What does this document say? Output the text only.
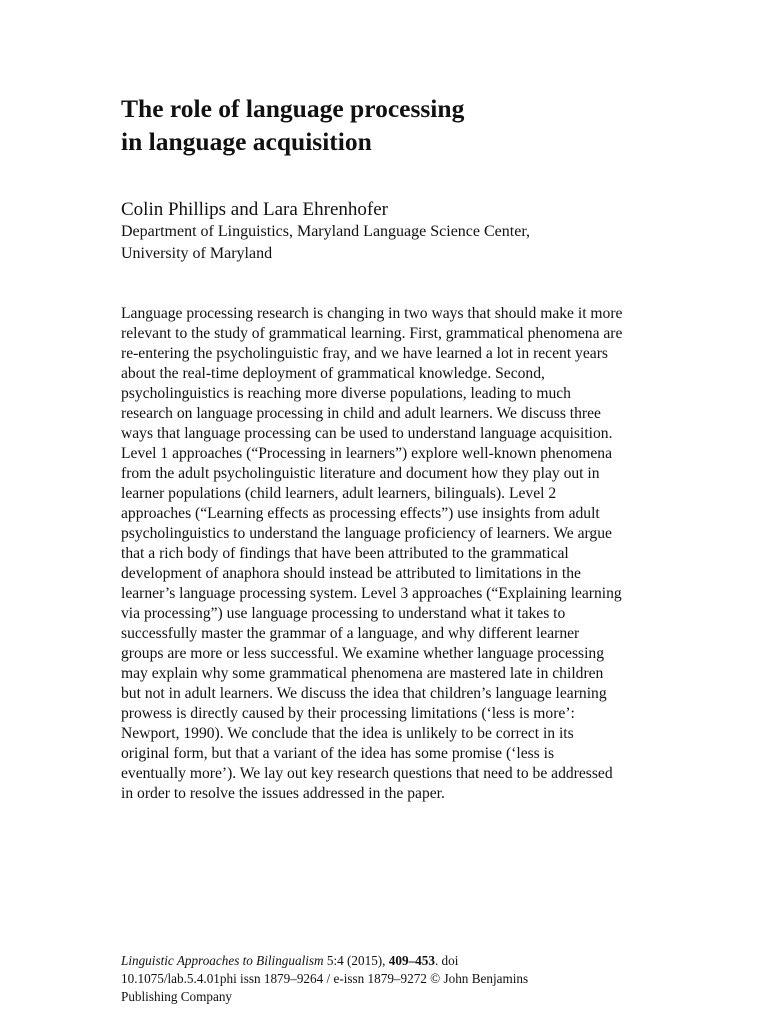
The role of language processing
in language acquisition

Colin Phillips and Lara Ehrenhofer

Department of Linguistics, Maryland Language Science Center,
University of Maryland

Language processing research is changing in two ways that should make it more
relevant to the study of grammatical learning. First, grammatical phenomena are
re-entering the psycholinguistic fray, and we have learned a lot in recent years
about the real-time deployment of grammatical knowledge. Second,
psycholinguistics is reaching more diverse populations, leading to much
research on language processing in child and adult learners. We discuss three
ways that language processing can be used to understand language acquisition.
Level 1 approaches (“Processing in learners”) explore well-known phenomena
from the adult psycholinguistic literature and document how they play out in
learner populations (child learners, adult learners, bilinguals). Level 2
approaches (“Learning effects as processing effects”) use insights from adult
psycholinguistics to understand the language proficiency of learners. We argue
that a rich body of findings that have been attributed to the grammatical
development of anaphora should instead be attributed to limitations in the
learner’s language processing system. Level 3 approaches (“Explaining learning
via processing”) use language processing to understand what it takes to
successfully master the grammar of a language, and why different learner
groups are more or less successful. We examine whether language processing
may explain why some grammatical phenomena are mastered late in children
but not in adult learners. We discuss the idea that children’s language learning
prowess is directly caused by their processing limitations (‘less is more’:
Newport, 1990). We conclude that the idea is unlikely to be correct in its
original form, but that a variant of the idea has some promise (‘less is
eventually more’). We lay out key research questions that need to be addressed
in order to resolve the issues addressed in the paper.

Linguistic Approaches to Bilingualism 5:4 (2015), 409–453. doi
10.1075/lab.5.4.01phi issn 1879–9264 / e-issn 1879–9272 © John Benjamins
Publishing Company
